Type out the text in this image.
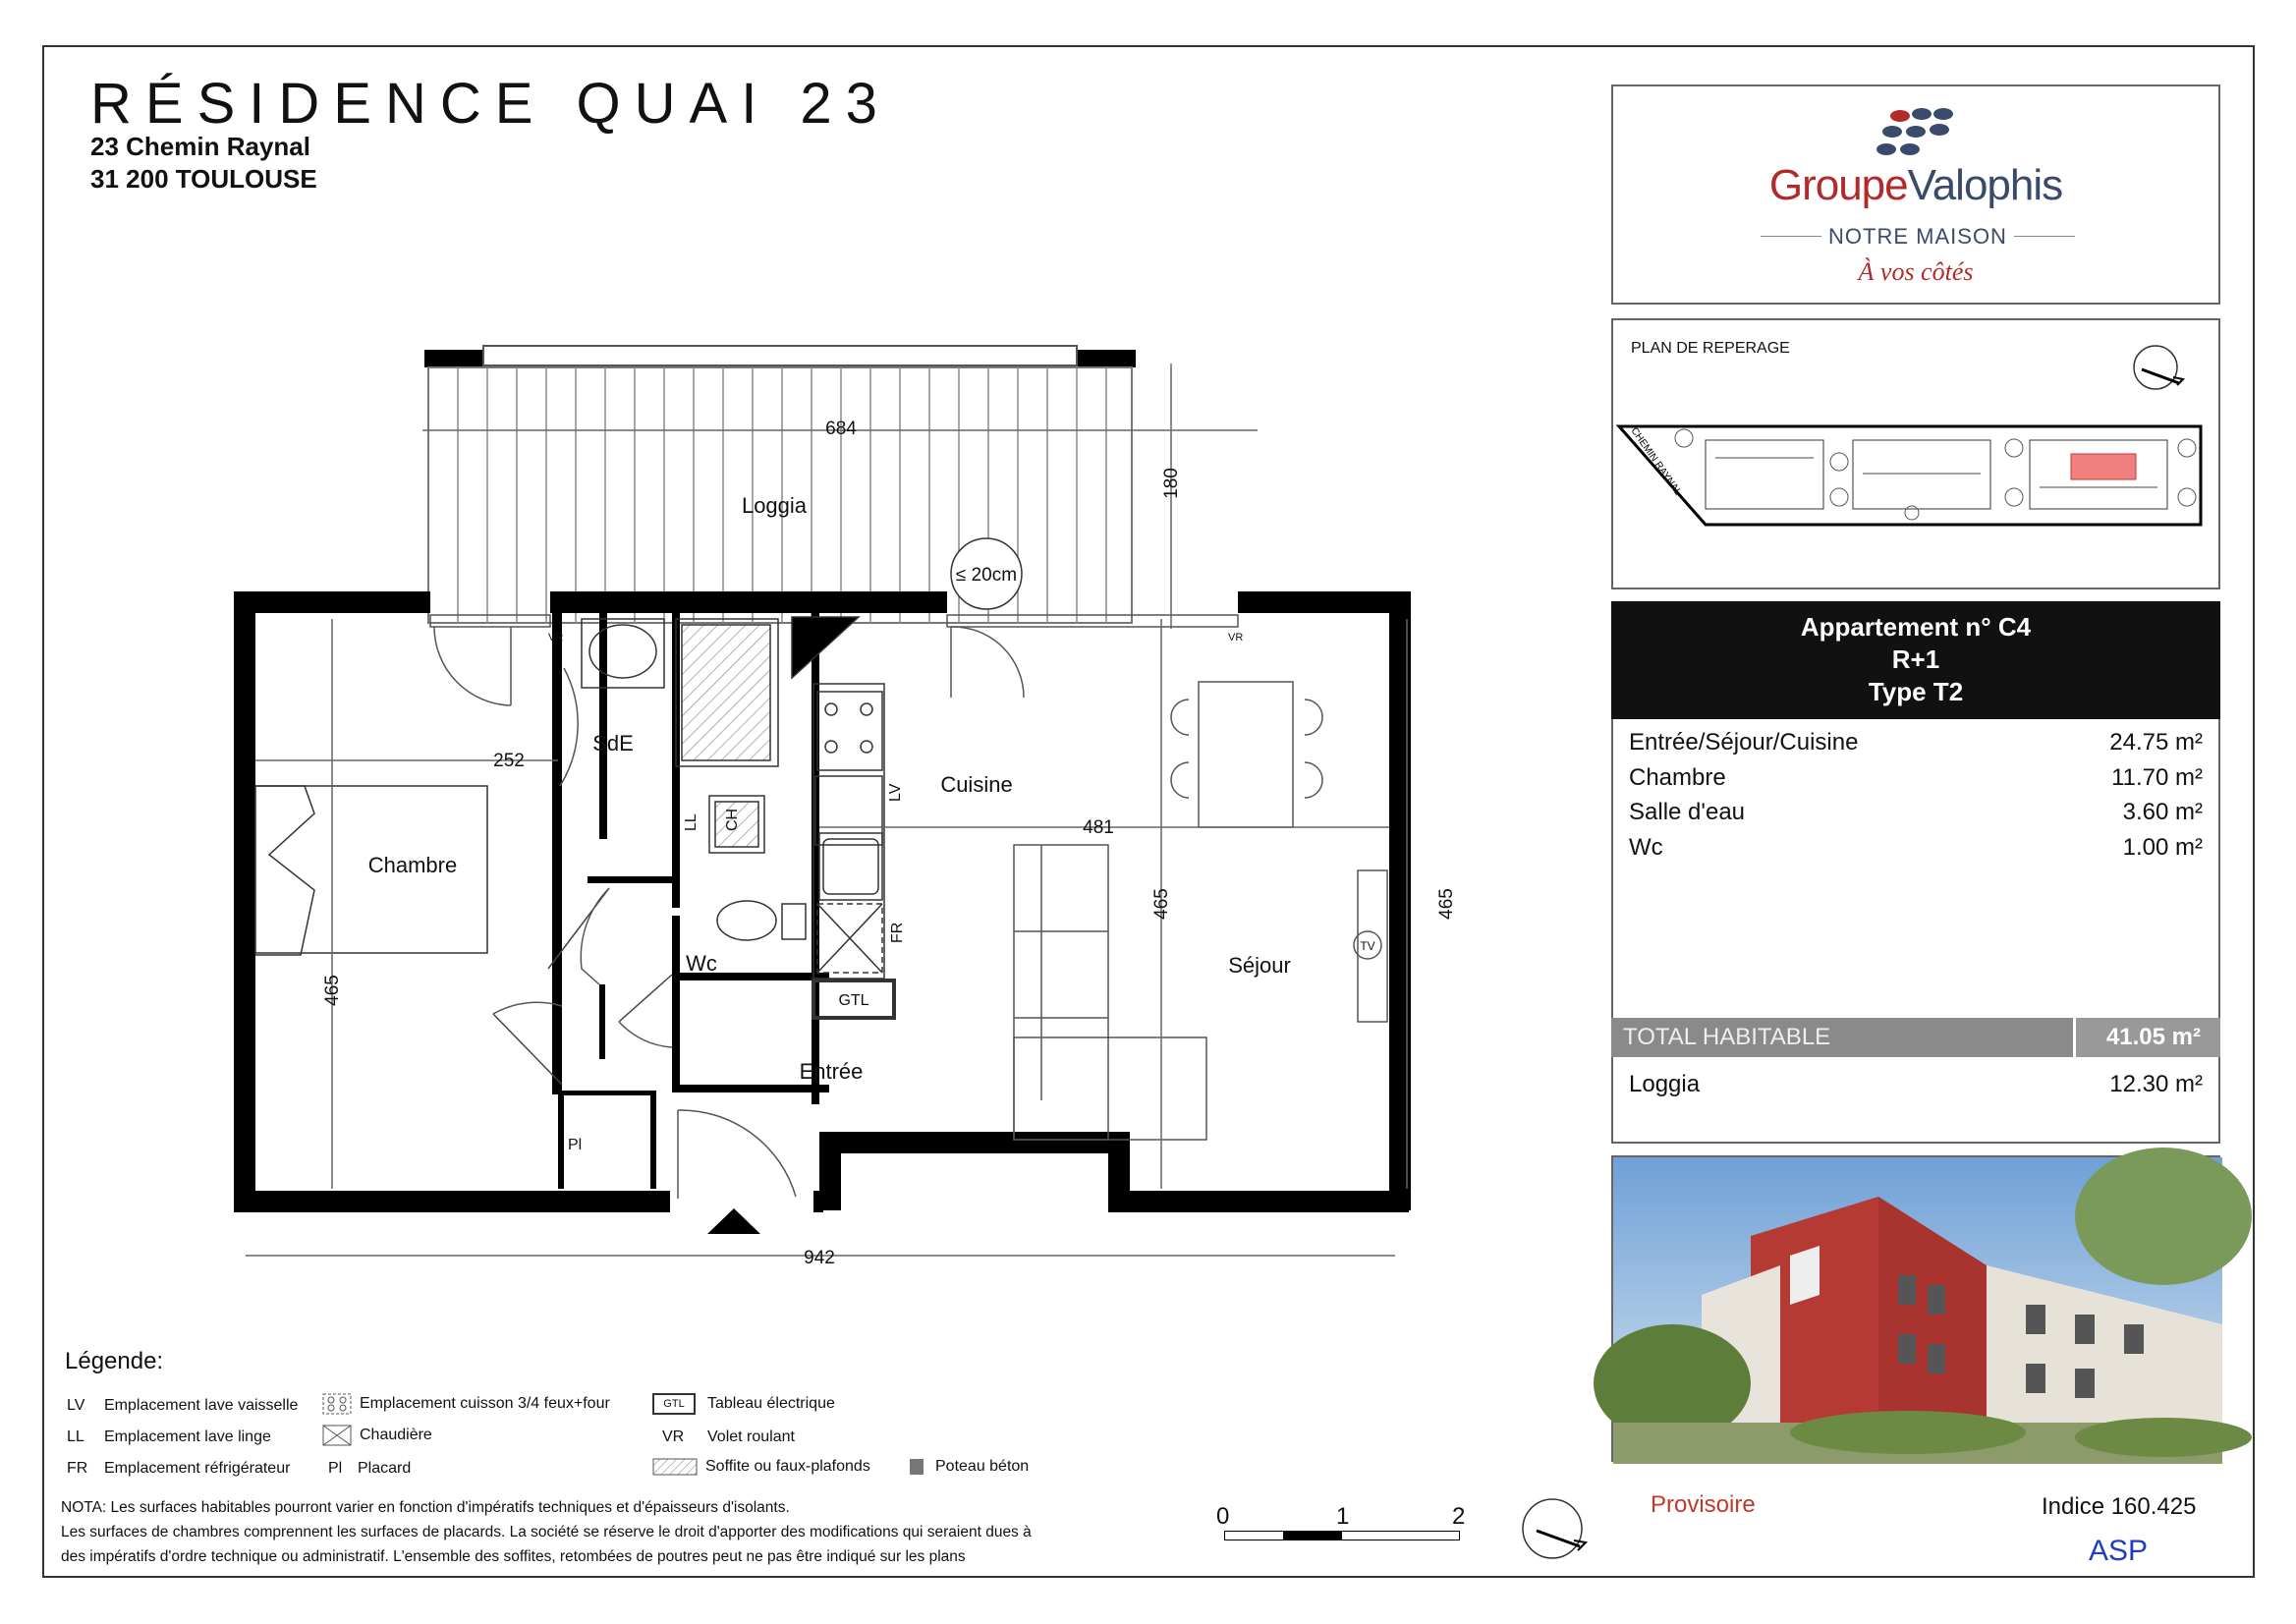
RÉSIDENCE QUAI 23
23 Chemin Raynal
31 200 TOULOUSE
Loggia
Chambre
SdE
Cuisine
Wc	Séjour
Entrée
684
180
252
465
481
465	465
942
≤ 20cm
VR	VR
LV
LL CH
FR
GTL
Pl
TV
GroupeValophis
NOTRE MAISON
À vos côtés
PLAN DE REPERAGE
CHEMIN RAYNAL
Appartement n° C4
R+1
Type T2
Entrée/Séjour/Cuisine	24.75 m²
Chambre	11.70 m²
Salle d'eau	3.60 m²
Wc	1.00 m²
TOTAL HABITABLE	41.05 m²
Loggia	12.30 m²
Légende:
LV Emplacement lave vaisselle
LL Emplacement lave linge
FR Emplacement réfrigérateur
Emplacement cuisson 3/4 feux+four
Chaudière
Pl Placard
GTL Tableau électrique
VR Volet roulant
Soffite ou faux-plafonds	Poteau béton
NOTA: Les surfaces habitables pourront varier en fonction d'impératifs techniques et d'épaisseurs d'isolants.
Les surfaces de chambres comprennent les surfaces de placards. La société se réserve le droit d'apporter des modifications qui seraient dues à
des impératifs d'ordre technique ou administratif. L'ensemble des soffites, retombées de poutres peut ne pas être indiqué sur les plans
0	1	2	Provisoire	Indice 160.425
ASP
